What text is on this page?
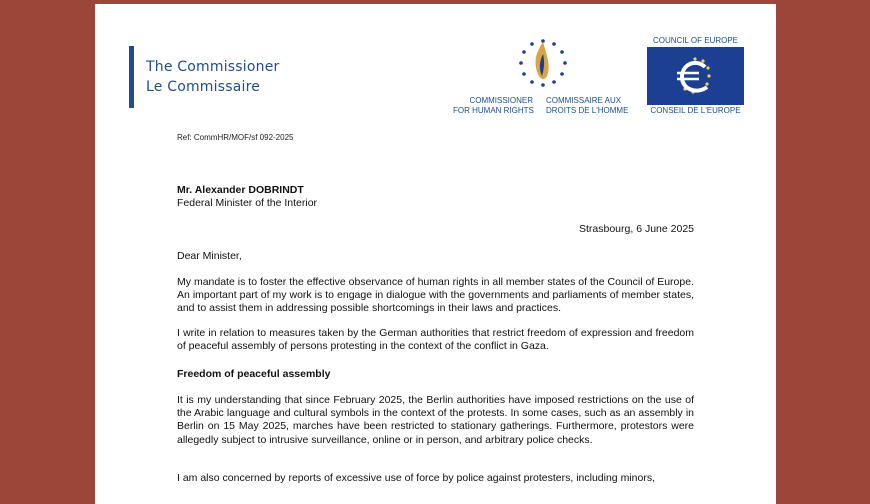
The Commissioner
Le Commissaire
COMMISSIONER
FOR HUMAN RIGHTS
COMMISSAIRE AUX
DROITS DE L'HOMME
COUNCIL OF EUROPE
CONSEIL DE L'EUROPE
Ref: CommHR/MOF/sf 092-2025
Mr. Alexander DOBRINDT
Federal Minister of the Interior
Strasbourg, 6 June 2025
Dear Minister,
My mandate is to foster the effective observance of human rights in all member states of the Council of Europe. An important part of my work is to engage in dialogue with the governments and parliaments of member states, and to assist them in addressing possible shortcomings in their laws and practices.
I write in relation to measures taken by the German authorities that restrict freedom of expression and freedom of peaceful assembly of persons protesting in the context of the conflict in Gaza.
Freedom of peaceful assembly
It is my understanding that since February 2025, the Berlin authorities have imposed restrictions on the use of the Arabic language and cultural symbols in the context of the protests. In some cases, such as an assembly in Berlin on 15 May 2025, marches have been restricted to stationary gatherings. Furthermore, protestors were allegedly subject to intrusive surveillance, online or in person, and arbitrary police checks.
I am also concerned by reports of excessive use of force by police against protesters, including minors,
